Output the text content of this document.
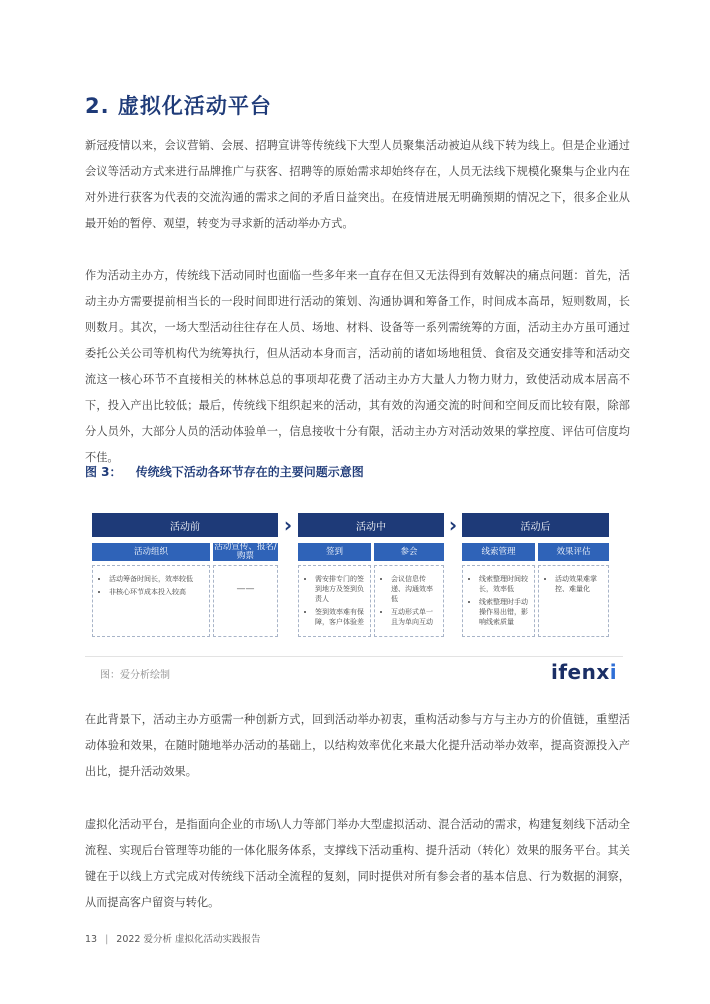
2. 虚拟化活动平台

新冠疫情以来，会议营销、会展、招聘宣讲等传统线下大型人员聚集活动被迫从线下转为线上。但是企业通过会议等活动方式来进行品牌推广与获客、招聘等的原始需求却始终存在，人员无法线下规模化聚集与企业内在对外进行获客为代表的交流沟通的需求之间的矛盾日益突出。在疫情进展无明确预期的情况之下，很多企业从最开始的暂停、观望，转变为寻求新的活动举办方式。

作为活动主办方，传统线下活动同时也面临一些多年来一直存在但又无法得到有效解决的痛点问题：首先，活动主办方需要提前相当长的一段时间即进行活动的策划、沟通协调和筹备工作，时间成本高昂，短则数周，长则数月。其次，一场大型活动往往存在人员、场地、材料、设备等一系列需统筹的方面，活动主办方虽可通过委托公关公司等机构代为统筹执行，但从活动本身而言，活动前的诸如场地租赁、食宿及交通安排等和活动交流这一核心环节不直接相关的林林总总的事项却花费了活动主办方大量人力物力财力，致使活动成本居高不下，投入产出比较低；最后，传统线下组织起来的活动，其有效的沟通交流的时间和空间反而比较有限，除部分人员外，大部分人员的活动体验单一，信息接收十分有限，活动主办方对活动效果的掌控度、评估可信度均不佳。

图 3： 传统线下活动各环节存在的主要问题示意图
活动前	›	活动中	›	活动后
活动组织	活动宣传、报名/购票	签到	参会	线索管理	效果评估
• 活动筹备时间长，效率较低
• 非核心环节成本投入较高	——
• 需安排专门的签到地方及签到负责人
• 签到效率难有保障，客户体验差
• 会议信息传递、沟通效率低
• 互动形式单一且为单向互动
• 线索整理时间较长，效率低
• 线索整理时手动操作易出错，影响线索质量
• 活动效果难掌控、难量化
图：爱分析绘制	ifenxi

在此背景下，活动主办方亟需一种创新方式，回到活动举办初衷，重构活动参与方与主办方的价值链，重塑活动体验和效果，在随时随地举办活动的基础上，以结构效率优化来最大化提升活动举办效率，提高资源投入产出比，提升活动效果。

虚拟化活动平台，是指面向企业的市场\人力等部门举办大型虚拟活动、混合活动的需求，构建复刻线下活动全流程、实现后台管理等功能的一体化服务体系，支撑线下活动重构、提升活动（转化）效果的服务平台。其关键在于以线上方式完成对传统线下活动全流程的复刻，同时提供对所有参会者的基本信息、行为数据的洞察，从而提高客户留资与转化。

13 | 2022 爱分析 虚拟化活动实践报告
